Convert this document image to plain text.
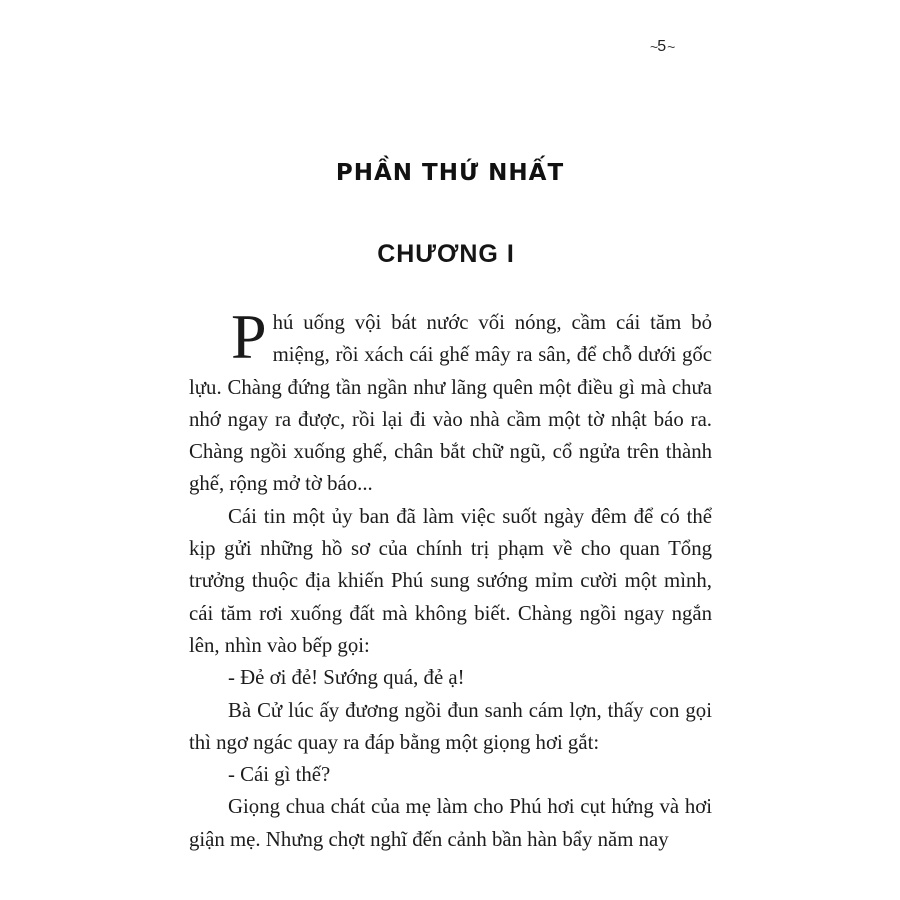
~ 5 ~
PHẦN THỨ NHẤT
CHƯƠNG I

Phú uống vội bát nước vối nóng, cầm cái tăm bỏ miệng, rồi xách cái ghế mây ra sân, để chỗ dưới gốc lựu. Chàng đứng tần ngần như lãng quên một điều gì mà chưa nhớ ngay ra được, rồi lại đi vào nhà cầm một tờ nhật báo ra. Chàng ngồi xuống ghế, chân bắt chữ ngũ, cổ ngửa trên thành ghế, rộng mở tờ báo...

Cái tin một ủy ban đã làm việc suốt ngày đêm để có thể kịp gửi những hồ sơ của chính trị phạm về cho quan Tổng trưởng thuộc địa khiến Phú sung sướng mỉm cười một mình, cái tăm rơi xuống đất mà không biết. Chàng ngồi ngay ngắn lên, nhìn vào bếp gọi:

- Đẻ ơi đẻ! Sướng quá, đẻ ạ!

Bà Cử lúc ấy đương ngồi đun sanh cám lợn, thấy con gọi thì ngơ ngác quay ra đáp bằng một giọng hơi gắt:

- Cái gì thế?

Giọng chua chát của mẹ làm cho Phú hơi cụt hứng và hơi giận mẹ. Nhưng chợt nghĩ đến cảnh bần hàn bẩy năm nay
